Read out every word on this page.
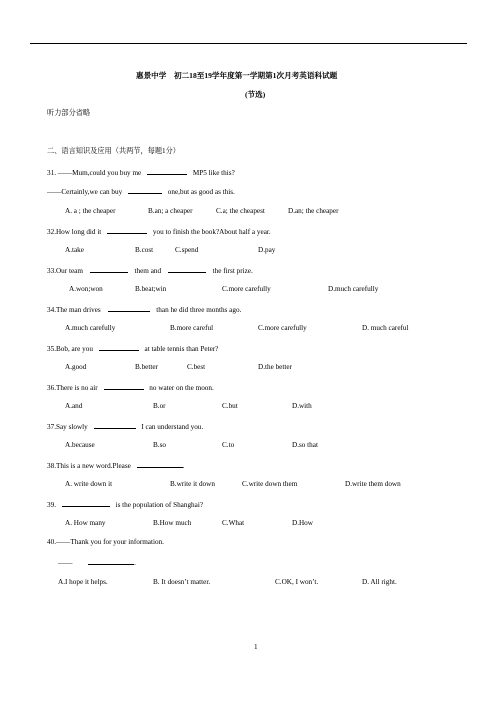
惠景中学　初二18至19学年度第一学期第1次月考英语科试题
(节选)
听力部分省略
二、语言知识及应用（共两节，每题1分）
31. ——Mum,could you buy me	MP5 like this?
——Certainly,we can buy	one,but as good as this.
A. a ; the cheaper	B.an; a cheaper	C.a; the cheapest	D.an; the cheaper
32.How long did it	you to finish the book?About half a year.
A.take	B.cost	C.spend	D.pay
33.Our team	them and	the first prize.
A.won;won	B.beat;win	C.more carefully	D.much carefully
34.The man drives	than he did three months ago.
A.much carefully	B.more careful	C.more carefully	D. much careful
35.Bob, are you	at table tennis than Peter?
A.good	B.better	C.best	D.the better
36.There is no air	no water on the moon.
A.and	B.or	C.but	D.with
37.Say slowly	I can understand you.
A.because	B.so	C.to	D.so that
38.This is a new word.Please	.
A. write down it	B.write it down	C.write down them	D.write them down
39.	is the population of Shanghai?
A. How many	B.How much	C.What	D.How
40.——Thank you for your information.
——	.
A.I hope it helps.	B. It doesn’t matter.	C.OK, I won’t.	D. All right.
1
